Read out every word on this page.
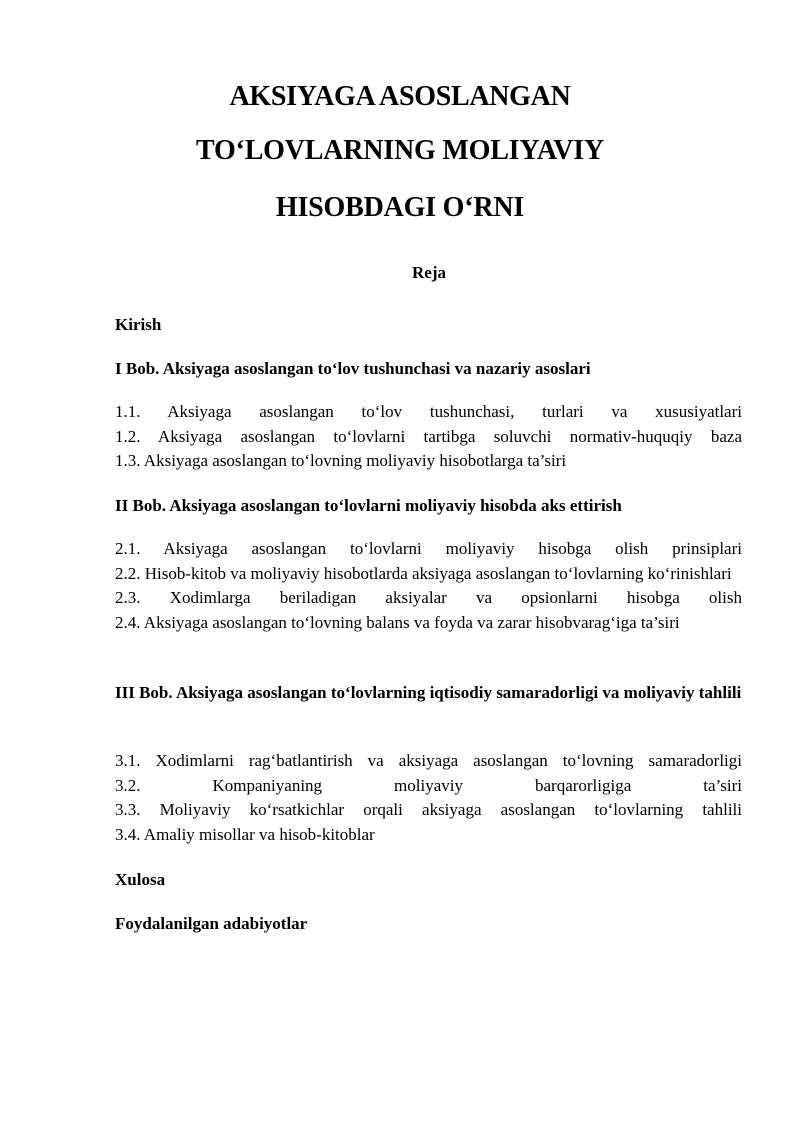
AKSIYAGA ASOSLANGAN
TO‘LOVLARNING MOLIYAVIY
HISOBDAGI O‘RNI
Reja
Kirish
I Bob. Aksiyaga asoslangan to‘lov tushunchasi va nazariy asoslari
1.1. Aksiyaga asoslangan to‘lov tushunchasi, turlari va xususiyatlari
1.2. Aksiyaga asoslangan to‘lovlarni tartibga soluvchi normativ-huquqiy baza
1.3. Aksiyaga asoslangan to‘lovning moliyaviy hisobotlarga ta’siri
II Bob. Aksiyaga asoslangan to‘lovlarni moliyaviy hisobda aks ettirish
2.1. Aksiyaga asoslangan to‘lovlarni moliyaviy hisobga olish prinsiplari
2.2. Hisob-kitob va moliyaviy hisobotlarda aksiyaga asoslangan to‘lovlarning ko‘rinishlari
2.3. Xodimlarga beriladigan aksiyalar va opsionlarni hisobga olish
2.4. Aksiyaga asoslangan to‘lovning balans va foyda va zarar hisobvarag‘iga ta’siri
III Bob. Aksiyaga asoslangan to‘lovlarning iqtisodiy samaradorligi va moliyaviy tahlili
3.1. Xodimlarni rag‘batlantirish va aksiyaga asoslangan to‘lovning samaradorligi
3.2. Kompaniyaning moliyaviy barqarorligiga ta’siri
3.3. Moliyaviy ko‘rsatkichlar orqali aksiyaga asoslangan to‘lovlarning tahlili
3.4. Amaliy misollar va hisob-kitoblar
Xulosa
Foydalanilgan adabiyotlar
